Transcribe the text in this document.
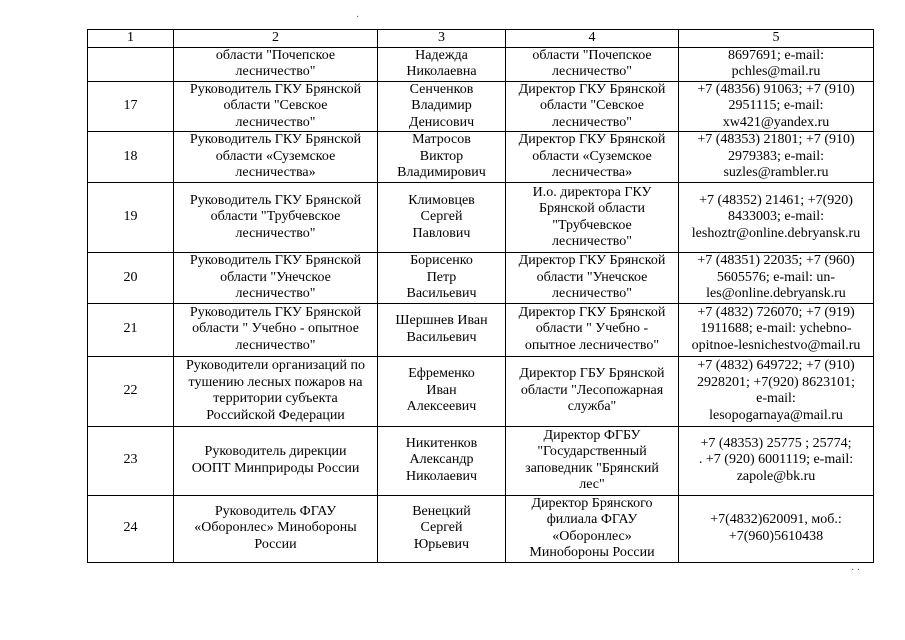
1	2	3	4	5

	области "Почепское
лесничество"	Надежда
Николаевна	области "Почепское
лесничество"	8697691; e-mail:
pchles@mail.ru

17	Руководитель ГКУ Брянской
области "Севское
лесничество"	Сенченков
Владимир
Денисович	Директор ГКУ Брянской
области "Севское
лесничество"	+7 (48356) 91063; +7 (910)
2951115; e-mail:
xw421@yandex.ru

18	Руководитель ГКУ Брянской
области «Суземское
лесничества»	Матросов
Виктор
Владимирович	Директор ГКУ Брянской
области «Суземское
лесничества»	+7 (48353) 21801; +7 (910)
2979383; e-mail:
suzles@rambler.ru

19	Руководитель ГКУ Брянской
области "Трубчевское
лесничество"	Климовцев
Сергей
Павлович	И.о. директора ГКУ
Брянской области
"Трубчевское
лесничество"	+7 (48352) 21461; +7(920)
8433003; e-mail:
leshoztr@online.debryansk.ru

20	Руководитель ГКУ Брянской
области "Унечское
лесничество"	Борисенко
Петр
Васильевич	Директор ГКУ Брянской
области "Унечское
лесничество"	+7 (48351) 22035; +7 (960)
5605576; e-mail: un-
les@online.debryansk.ru

21	Руководитель ГКУ Брянской
области " Учебно - опытное
лесничество"	Шершнев Иван
Васильевич	Директор ГКУ Брянской
области " Учебно -
опытное лесничество"	+7 (4832) 726070; +7 (919)
1911688; e-mail: ychebno-
opitnoe-lesnichestvo@mail.ru

22	Руководители организаций по
тушению лесных пожаров на
территории субъекта
Российской Федерации	Ефременко
Иван
Алексеевич	Директор ГБУ Брянской
области "Лесопожарная
служба"	+7 (4832) 649722; +7 (910)
2928201; +7(920) 8623101;
e-mail:
lesopogarnaya@mail.ru

23	Руководитель дирекции
ООПТ Минприроды России	Никитенков
Александр
Николаевич	Директор ФГБУ
"Государственный
заповедник "Брянский
лес"	+7 (48353) 25775 ; 25774;
. +7 (920) 6001119; e-mail:
zapole@bk.ru

24	Руководитель ФГАУ
«Оборонлес» Минобороны
России	Венецкий
Сергей
Юрьевич	Директор Брянского
филиала ФГАУ
«Оборонлес»
Минобороны России	+7(4832)620091, моб.:
+7(960)5610438
·
· ·
